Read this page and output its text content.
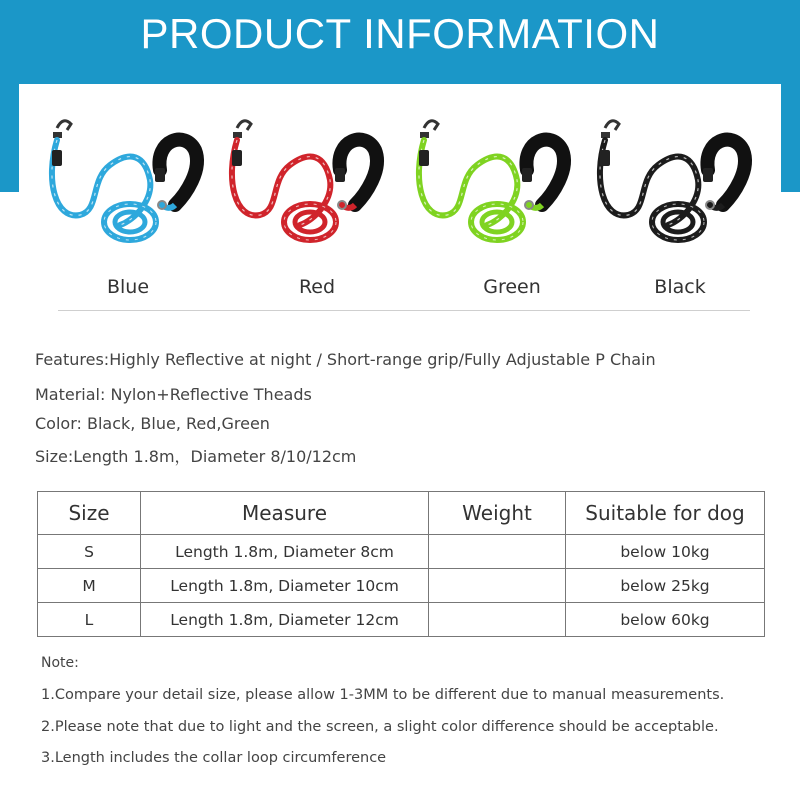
PRODUCT INFORMATION
Blue	Red	Green	Black
Features:Highly Reflective at night / Short-range grip/Fully Adjustable P Chain
Material: Nylon+Reflective Theads
Color: Black, Blue, Red,Green
Size:Length 1.8m，Diameter 8/10/12cm
Size	Measure	Weight	Suitable for dog
S	Length 1.8m, Diameter 8cm		below 10kg
M	Length 1.8m, Diameter 10cm		below 25kg
L	Length 1.8m, Diameter 12cm		below 60kg
Note:
1.Compare your detail size, please allow 1-3MM to be different due to manual measurements.
2.Please note that due to light and the screen, a slight color difference should be acceptable.
3.Length includes the collar loop circumference
